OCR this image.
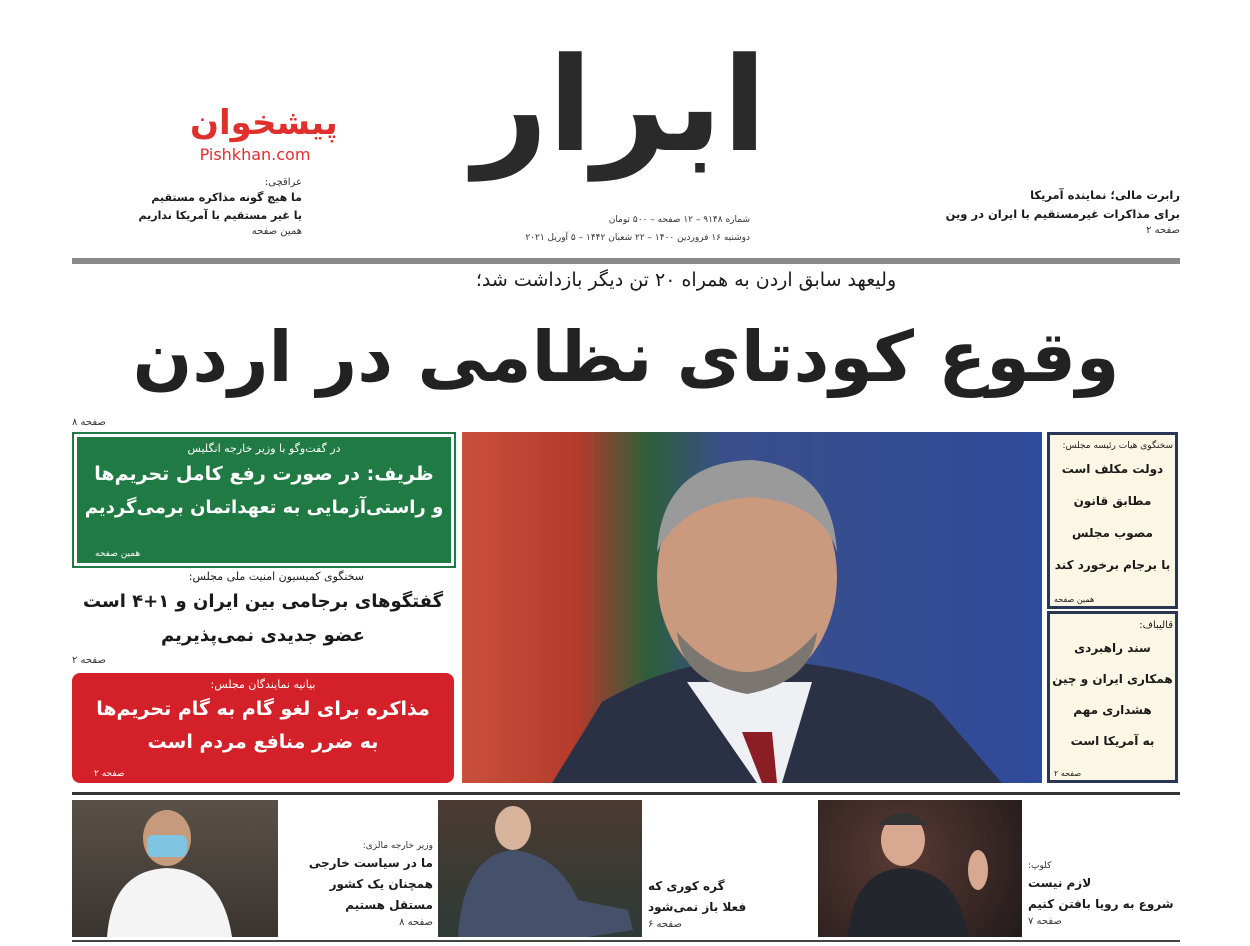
ابرار
شماره ۹۱۴۸ – ۱۲ صفحه – ۵۰۰ تومان
دوشنبه ۱۶ فروردین ۱۴۰۰ – ۲۲ شعبان ۱۴۴۲ – ۵ آوریل ۲۰۲۱
عراقچی:
ما هیچ گونه مذاکره مستقیم
یا غیر مستقیم با آمریکا نداریم
همین صفحه
پیشخوان
Pishkhan.com
رابرت مالی؛ نماینده آمریکا
برای مذاکرات غیرمستقیم با ایران در وین
صفحه ۲
ولیعهد سابق اردن به همراه ۲۰ تن دیگر بازداشت شد؛
وقوع کودتای نظامی در اردن
صفحه ۸
در گفت‌وگو با وزیر خارجه انگلیس
ظریف: در صورت رفع کامل تحریم‌ها
و راستی‌آزمایی به تعهداتمان برمی‌گردیم
همین صفحه
سخنگوی کمیسیون امنیت ملی مجلس:
گفتگوهای برجامی بین ایران و ۱+۴ است
عضو جدیدی نمی‌پذیریم
صفحه ۲
بیانیه نمایندگان مجلس:
مذاکره برای لغو گام به گام تحریم‌ها
به ضرر منافع مردم است
صفحه ۲
سخنگوی هیات رئیسه مجلس:
دولت مکلف است
مطابق قانون
مصوب مجلس
با برجام برخورد کند
همین صفحه
قالیباف:
سند راهبردی
همکاری ایران و چین
هشداری مهم
به آمریکا است
صفحه ۲
وزیر خارجه مالزی:
ما در سیاست خارجی
همچنان یک کشور
مستقل هستیم
صفحه ۸
گره کوری که
فعلا باز نمی‌شود
صفحه ۶
کلوپ:
لازم نیست
شروع به رویا بافتن کنیم
صفحه ۷
